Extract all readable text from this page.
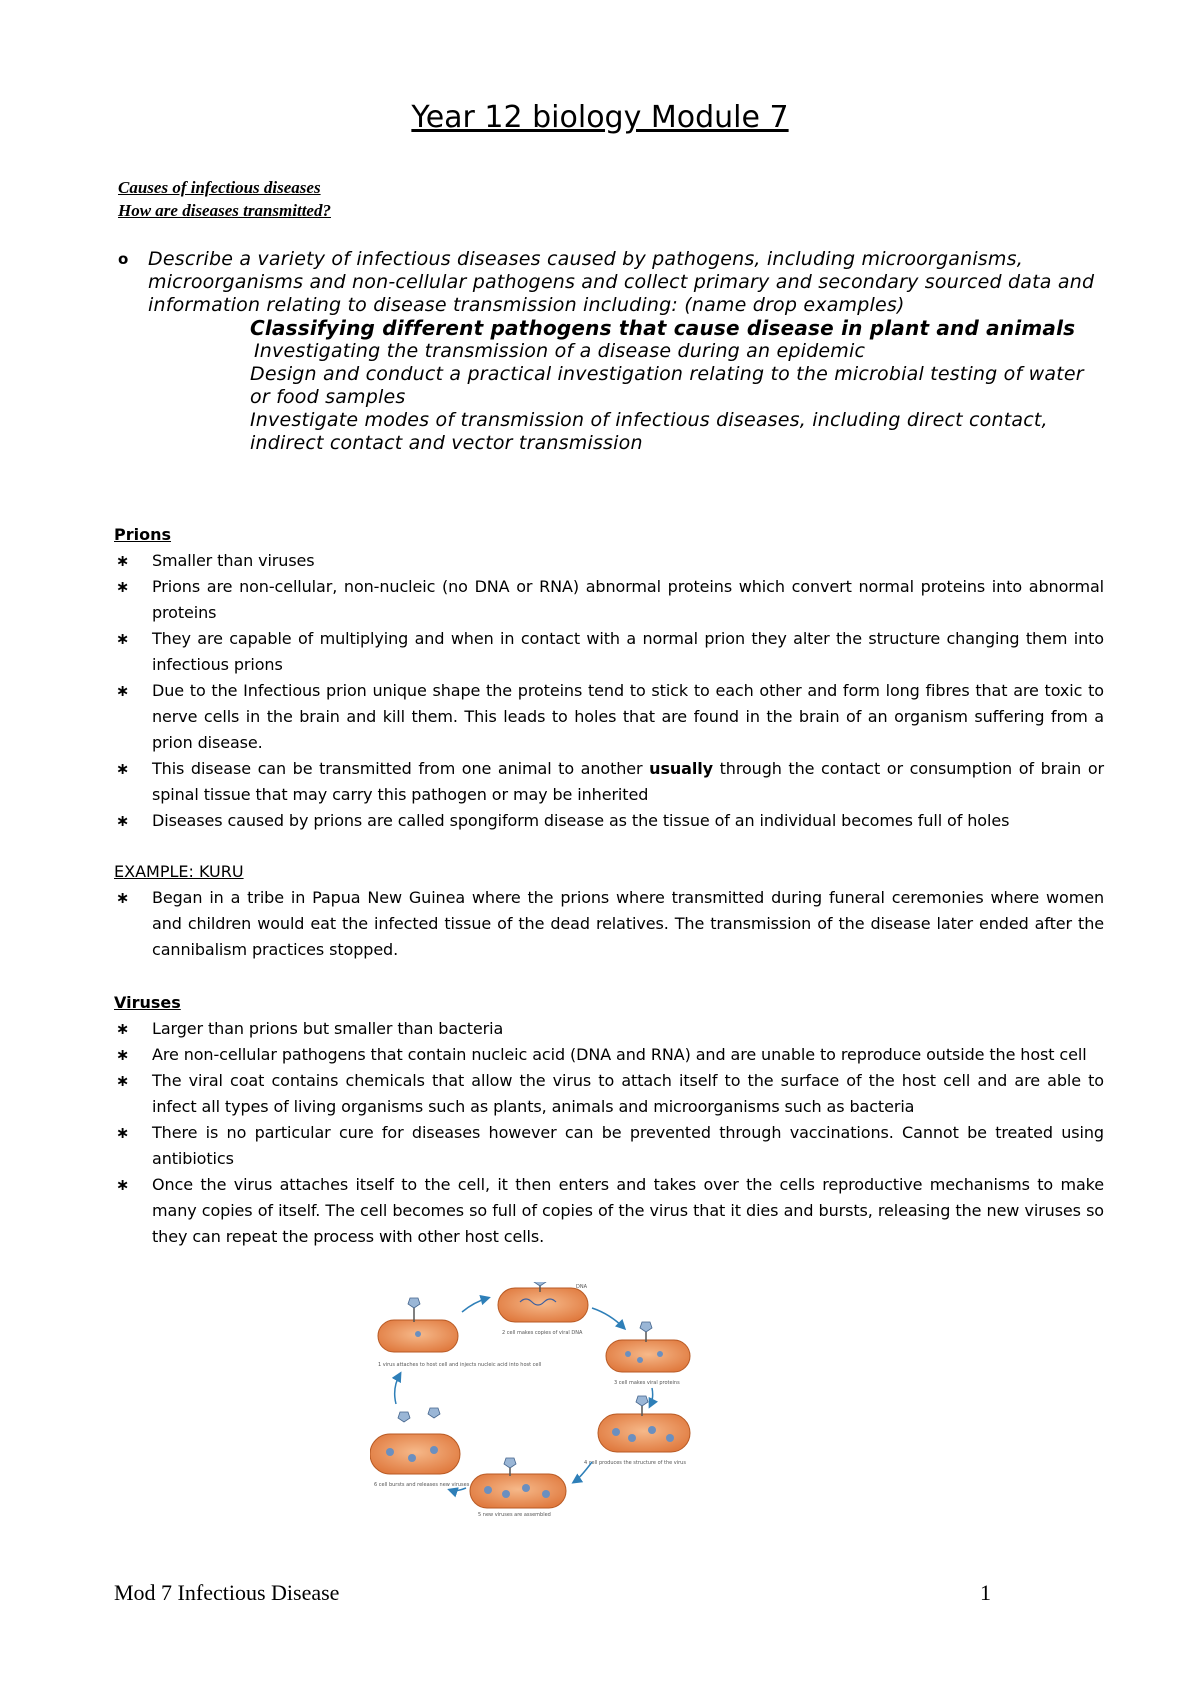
Year 12 biology Module 7
Causes of infectious diseases
How are diseases transmitted?
o Describe a variety of infectious diseases caused by pathogens, including microorganisms, microorganisms and non-cellular pathogens and collect primary and secondary sourced data and information relating to disease transmission including: (name drop examples)
Classifying different pathogens that cause disease in plant and animals
Investigating the transmission of a disease during an epidemic
Design and conduct a practical investigation relating to the microbial testing of water or food samples
Investigate modes of transmission of infectious diseases, including direct contact, indirect contact and vector transmission
Prions
∗ Smaller than viruses
∗ Prions are non-cellular, non-nucleic (no DNA or RNA) abnormal proteins which convert normal proteins into abnormal proteins
∗ They are capable of multiplying and when in contact with a normal prion they alter the structure changing them into infectious prions
∗ Due to the Infectious prion unique shape the proteins tend to stick to each other and form long fibres that are toxic to nerve cells in the brain and kill them. This leads to holes that are found in the brain of an organism suffering from a prion disease.
∗ This disease can be transmitted from one animal to another usually through the contact or consumption of brain or spinal tissue that may carry this pathogen or may be inherited
∗ Diseases caused by prions are called spongiform disease as the tissue of an individual becomes full of holes
EXAMPLE: KURU
∗ Began in a tribe in Papua New Guinea where the prions where transmitted during funeral ceremonies where women and children would eat the infected tissue of the dead relatives. The transmission of the disease later ended after the cannibalism practices stopped.
Viruses
∗ Larger than prions but smaller than bacteria
∗ Are non-cellular pathogens that contain nucleic acid (DNA and RNA) and are unable to reproduce outside the host cell
∗ The viral coat contains chemicals that allow the virus to attach itself to the surface of the host cell and are able to infect all types of living organisms such as plants, animals and microorganisms such as bacteria
∗ There is no particular cure for diseases however can be prevented through vaccinations. Cannot be treated using antibiotics
∗ Once the virus attaches itself to the cell, it then enters and takes over the cells reproductive mechanisms to make many copies of itself. The cell becomes so full of copies of the virus that it dies and bursts, releasing the new viruses so they can repeat the process with other host cells.
1 virus attaches to host cell and injects nucleic acid into host cell
DNA
2 cell makes copies of viral DNA
3 cell makes viral proteins
4 cell produces the structure of the virus
5 new viruses are assembled
6 cell bursts and releases new viruses
Mod 7 Infectious Disease	1
